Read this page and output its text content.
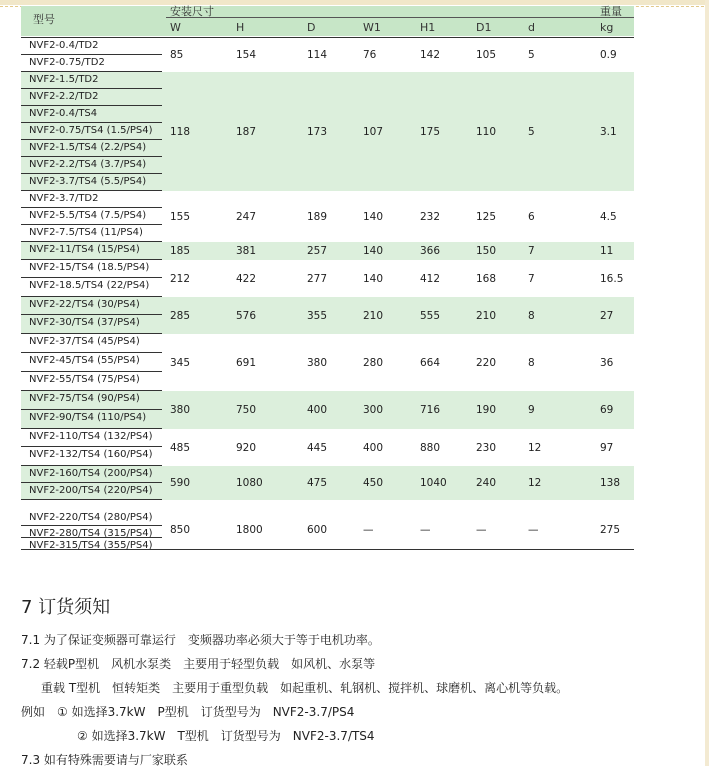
型号
安装尺寸	重量
W	H	D	W1	H1	D1	d	kg
NVF2-0.4/TD2
NVF2-0.75/TD2
85	154	114	76	142	105	5	0.9
NVF2-1.5/TD2
NVF2-2.2/TD2
NVF2-0.4/TS4
NVF2-0.75/TS4 (1.5/PS4)
NVF2-1.5/TS4 (2.2/PS4)
NVF2-2.2/TS4 (3.7/PS4)
NVF2-3.7/TS4 (5.5/PS4)
118	187	173	107	175	110	5	3.1
NVF2-3.7/TD2
NVF2-5.5/TS4 (7.5/PS4)
NVF2-7.5/TS4 (11/PS4)
155	247	189	140	232	125	6	4.5
NVF2-11/TS4 (15/PS4)	185	381	257	140	366	150	7	11
NVF2-15/TS4 (18.5/PS4)
NVF2-18.5/TS4 (22/PS4)
212	422	277	140	412	168	7	16.5
NVF2-22/TS4 (30/PS4)
NVF2-30/TS4 (37/PS4)
285	576	355	210	555	210	8	27
NVF2-37/TS4 (45/PS4)
NVF2-45/TS4 (55/PS4)
NVF2-55/TS4 (75/PS4)
345	691	380	280	664	220	8	36
NVF2-75/TS4 (90/PS4)
NVF2-90/TS4 (110/PS4)
380	750	400	300	716	190	9	69
NVF2-110/TS4 (132/PS4)
NVF2-132/TS4 (160/PS4)
485	920	445	400	880	230	12	97
NVF2-160/TS4 (200/PS4)
NVF2-200/TS4 (220/PS4)
590	1080	475	450	1040	240	12	138
NVF2-220/TS4 (280/PS4)
NVF2-280/TS4 (315/PS4)
NVF2-315/TS4 (355/PS4)
850	1800	600	—	—	—	—	275
7 订货须知
7.1 为了保证变频器可靠运行　变频器功率必须大于等于电机功率。
7.2 轻载P型机　风机水泵类　主要用于轻型负载　如风机、水泵等
重载 T型机　恒转矩类　主要用于重型负载　如起重机、轧钢机、搅拌机、球磨机、离心机等负载。
例如　① 如选择3.7kW　P型机　订货型号为　NVF2-3.7/PS4
② 如选择3.7kW　T型机　订货型号为　NVF2-3.7/TS4
7.3 如有特殊需要请与厂家联系
